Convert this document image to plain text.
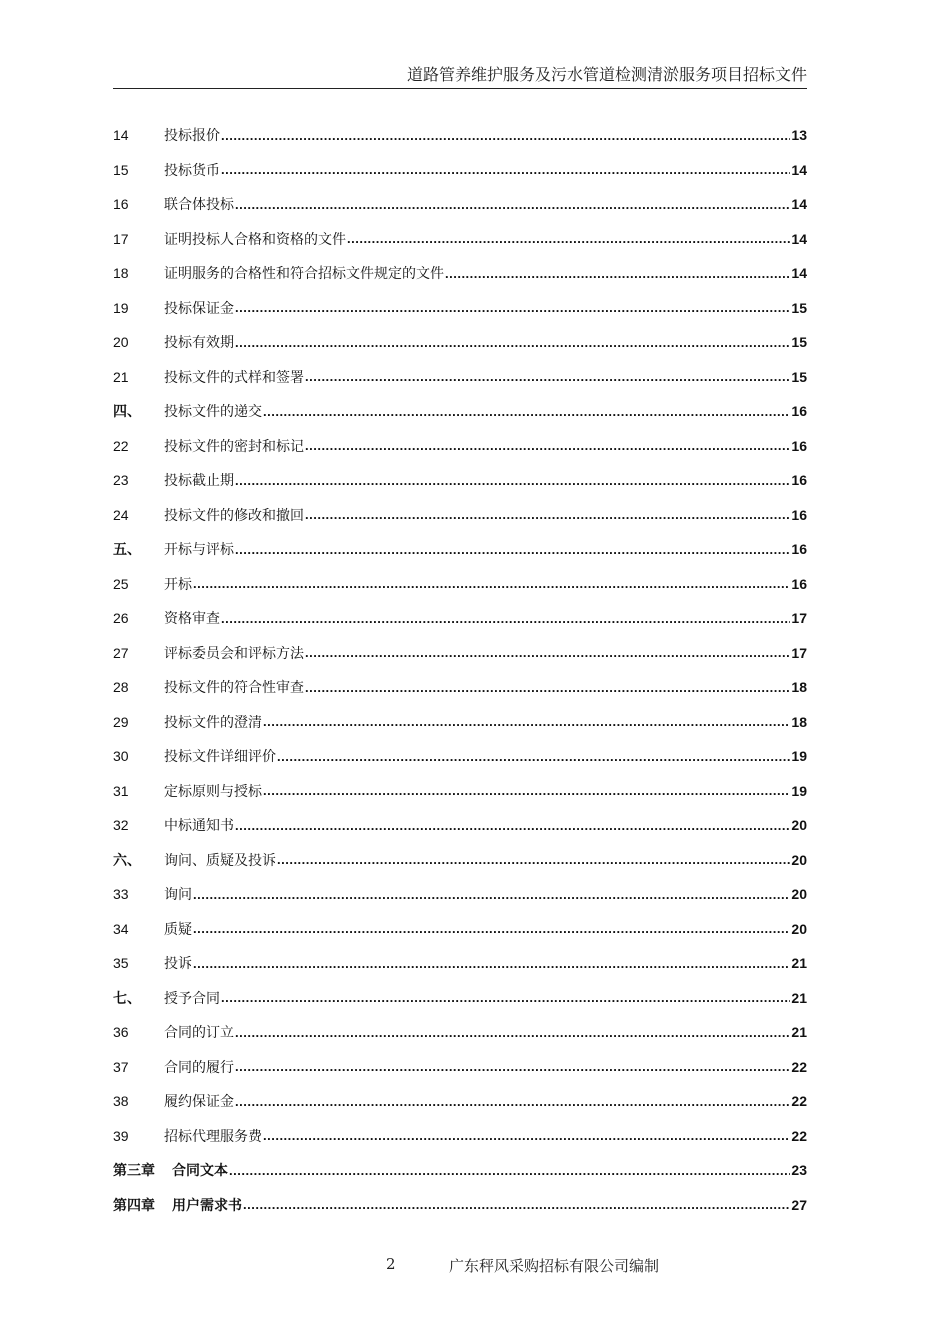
道路管养维护服务及污水管道检测清淤服务项目招标文件
14	投标报价 .....	13
15	投标货币 .....	14
16	联合体投标 .....	14
17	证明投标人合格和资格的文件 .....	14
18	证明服务的合格性和符合招标文件规定的文件 .....	14
19	投标保证金 .....	15
20	投标有效期 .....	15
21	投标文件的式样和签署 .....	15
四、	投标文件的递交 .....	16
22	投标文件的密封和标记 .....	16
23	投标截止期 .....	16
24	投标文件的修改和撤回 .....	16
五、	开标与评标 .....	16
25	开标 .....	16
26	资格审查 .....	17
27	评标委员会和评标方法 .....	17
28	投标文件的符合性审查 .....	18
29	投标文件的澄清 .....	18
30	投标文件详细评价 .....	19
31	定标原则与授标 .....	19
32	中标通知书 .....	20
六、	询问、质疑及投诉 .....	20
33	询问 .....	20
34	质疑 .....	20
35	投诉 .....	21
七、	授予合同 .....	21
36	合同的订立 .....	21
37	合同的履行 .....	22
38	履约保证金 .....	22
39	招标代理服务费 .....	22
第三章 合同文本 .....	23
第四章 用户需求书 .....	27
2	广东秤风采购招标有限公司编制
